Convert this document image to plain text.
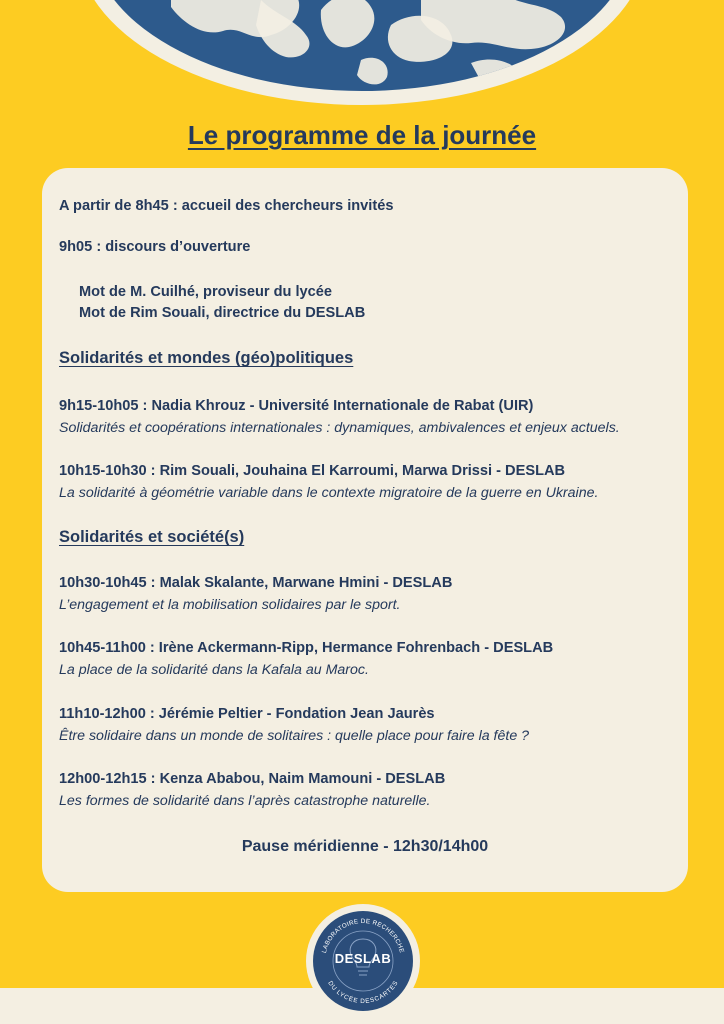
Le programme de la journée
A partir de 8h45 : accueil des chercheurs invités
9h05 : discours d’ouverture
Mot de M. Cuilhé, proviseur du lycée
Mot de Rim Souali, directrice du DESLAB
Solidarités et mondes (géo)politiques
9h15-10h05 : Nadia Khrouz - Université Internationale de Rabat (UIR)
Solidarités et coopérations internationales : dynamiques, ambivalences et enjeux actuels.
10h15-10h30 : Rim Souali, Jouhaina El Karroumi, Marwa Drissi - DESLAB
La solidarité à géométrie variable dans le contexte migratoire de la guerre en Ukraine.
Solidarités et société(s)
10h30-10h45 : Malak Skalante, Marwane Hmini - DESLAB
L’engagement et la mobilisation solidaires par le sport.
10h45-11h00 : Irène Ackermann-Ripp, Hermance Fohrenbach - DESLAB
La place de la solidarité dans la Kafala au Maroc.
11h10-12h00 : Jérémie Peltier - Fondation Jean Jaurès
Être solidaire dans un monde de solitaires : quelle place pour faire la fête ?
12h00-12h15 : Kenza Ababou, Naim Mamouni - DESLAB
Les formes de solidarité dans l’après catastrophe naturelle.
Pause méridienne - 12h30/14h00
LABORATOIRE DE RECHERCHE
DU LYCÉE DESCARTES
DESLAB
